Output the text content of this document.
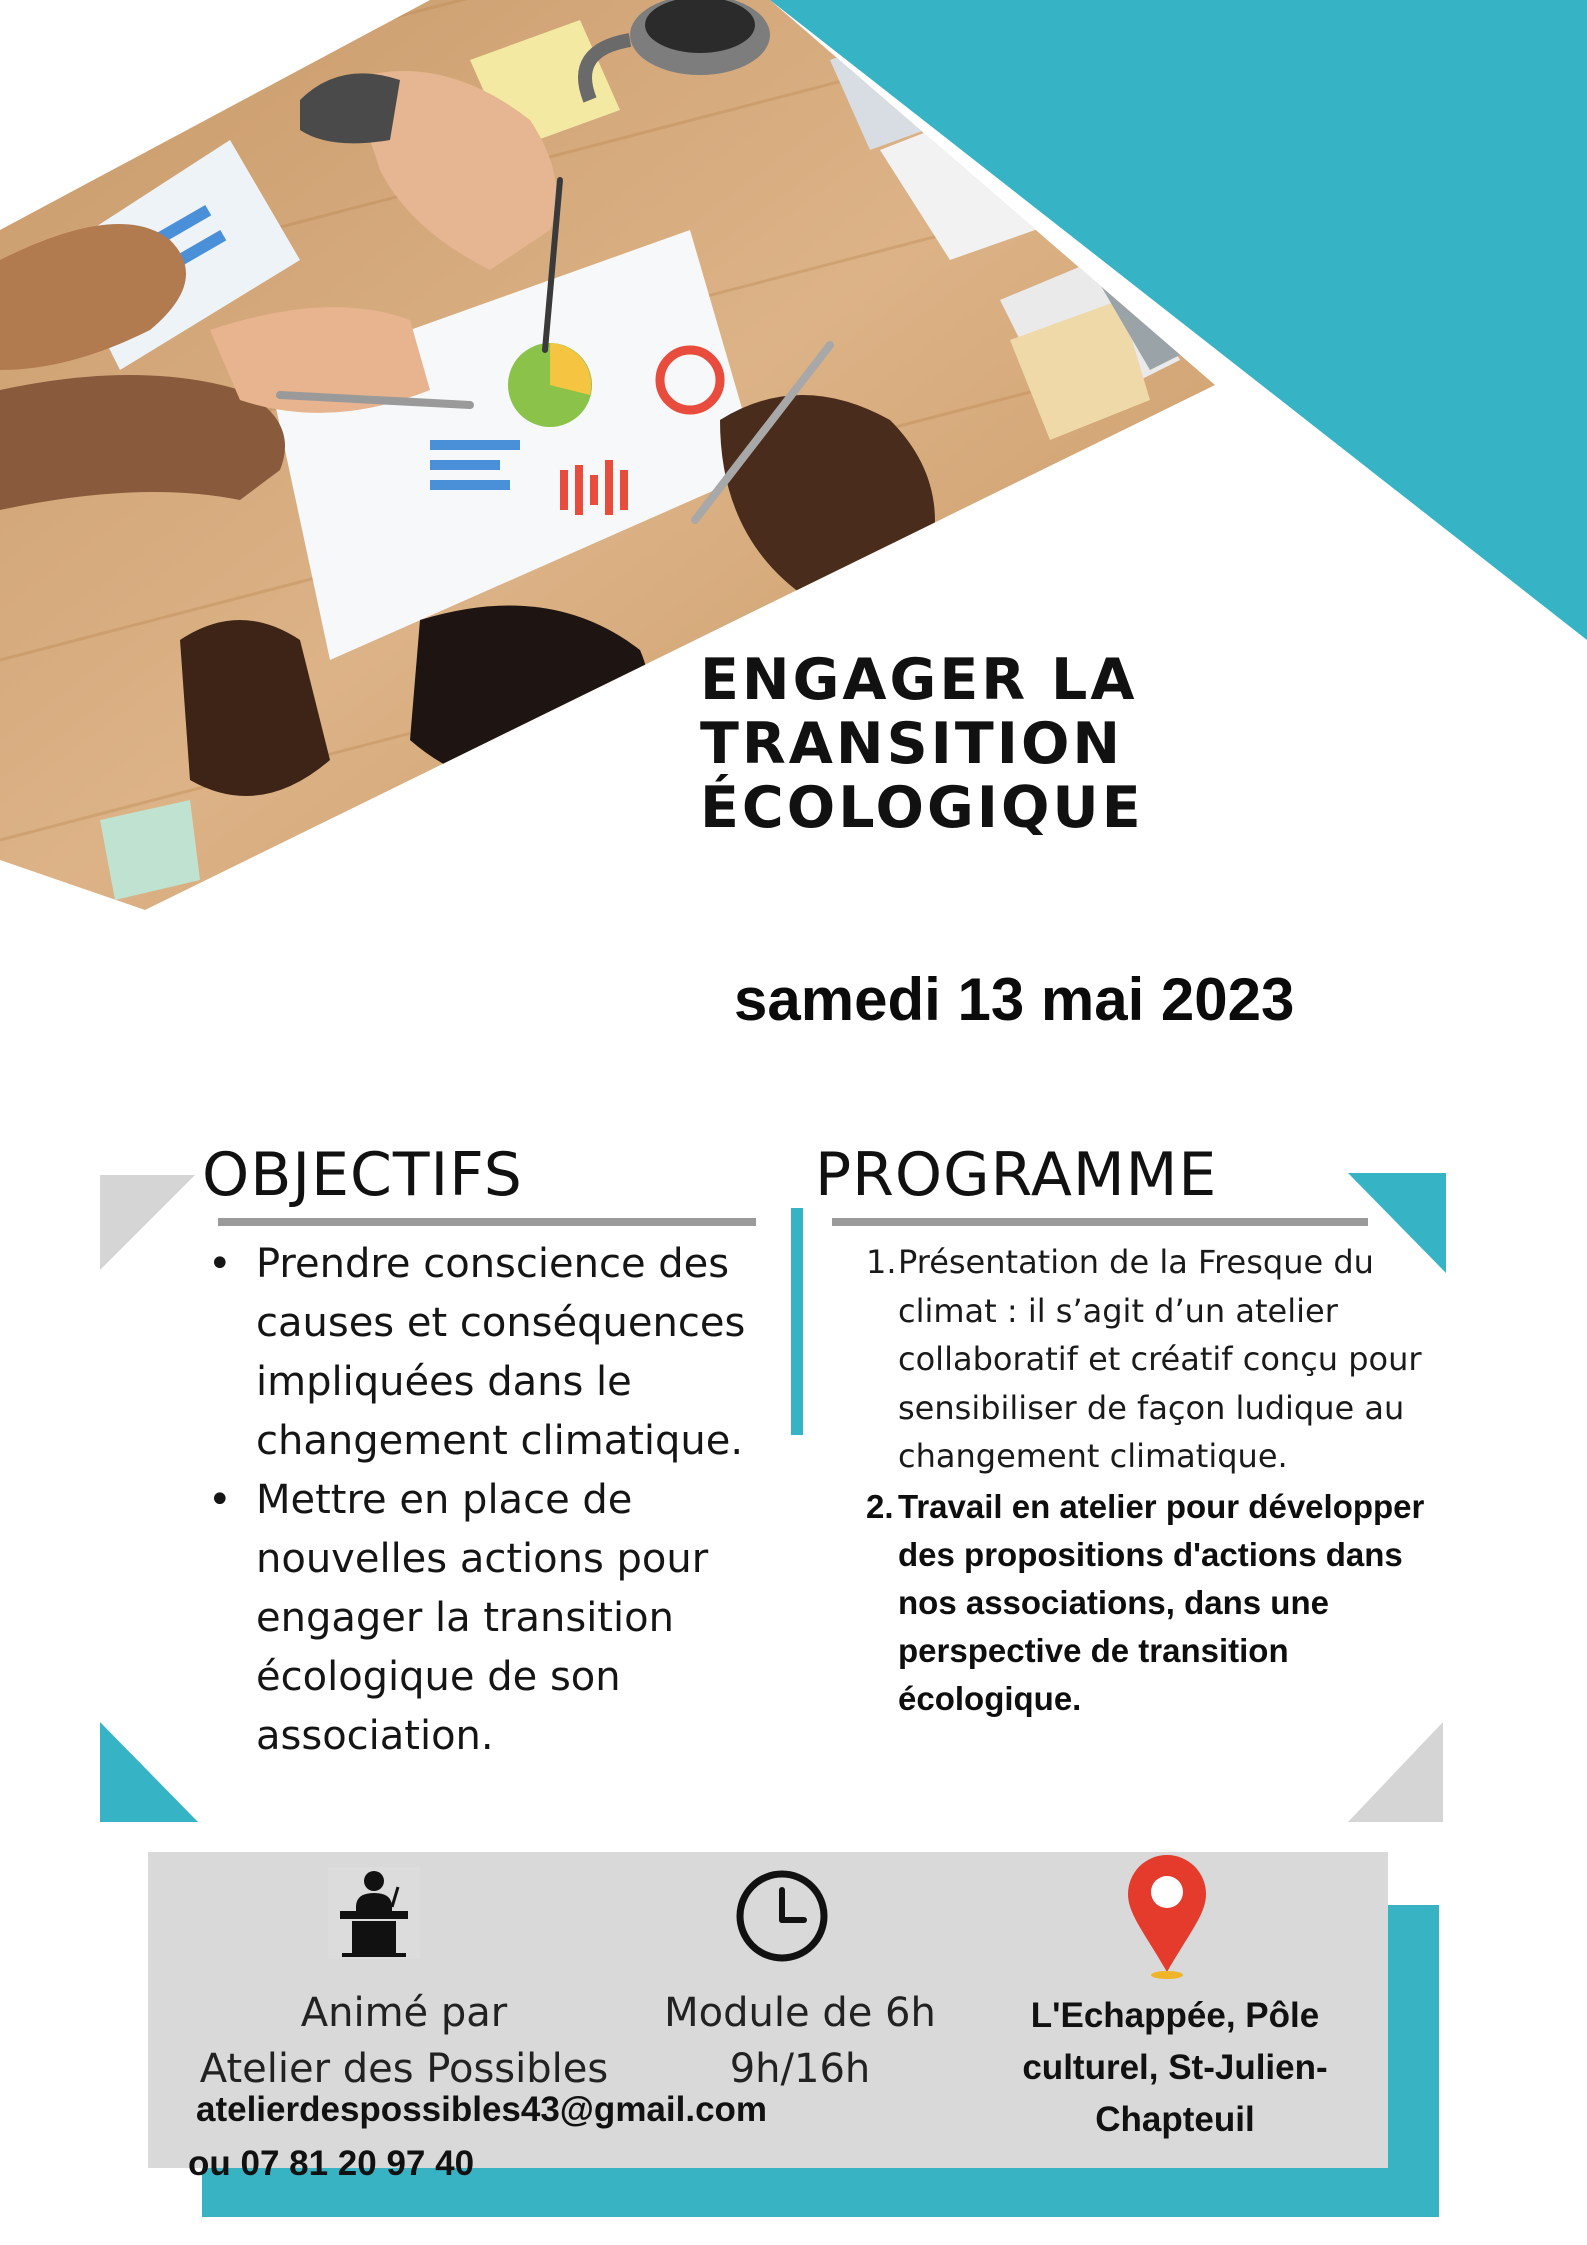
ENGAGER LA
TRANSITION
ÉCOLOGIQUE
samedi 13 mai 2023
OBJECTIFS
• Prendre conscience des causes et conséquences impliquées dans le changement climatique.
• Mettre en place de nouvelles actions pour engager la transition écologique de son association.
PROGRAMME
1. Présentation de la Fresque du climat : il s’agit d’un atelier collaboratif et créatif conçu pour sensibiliser de façon ludique au changement climatique.
2. Travail en atelier pour développer des propositions d'actions dans nos associations, dans une perspective de transition écologique.
Animé par
Atelier des Possibles
Module de 6h
9h/16h
L'Echappée, Pôle culturel, St-Julien-Chapteuil
atelierdespossibles43@gmail.com
ou 07 81 20 97 40
